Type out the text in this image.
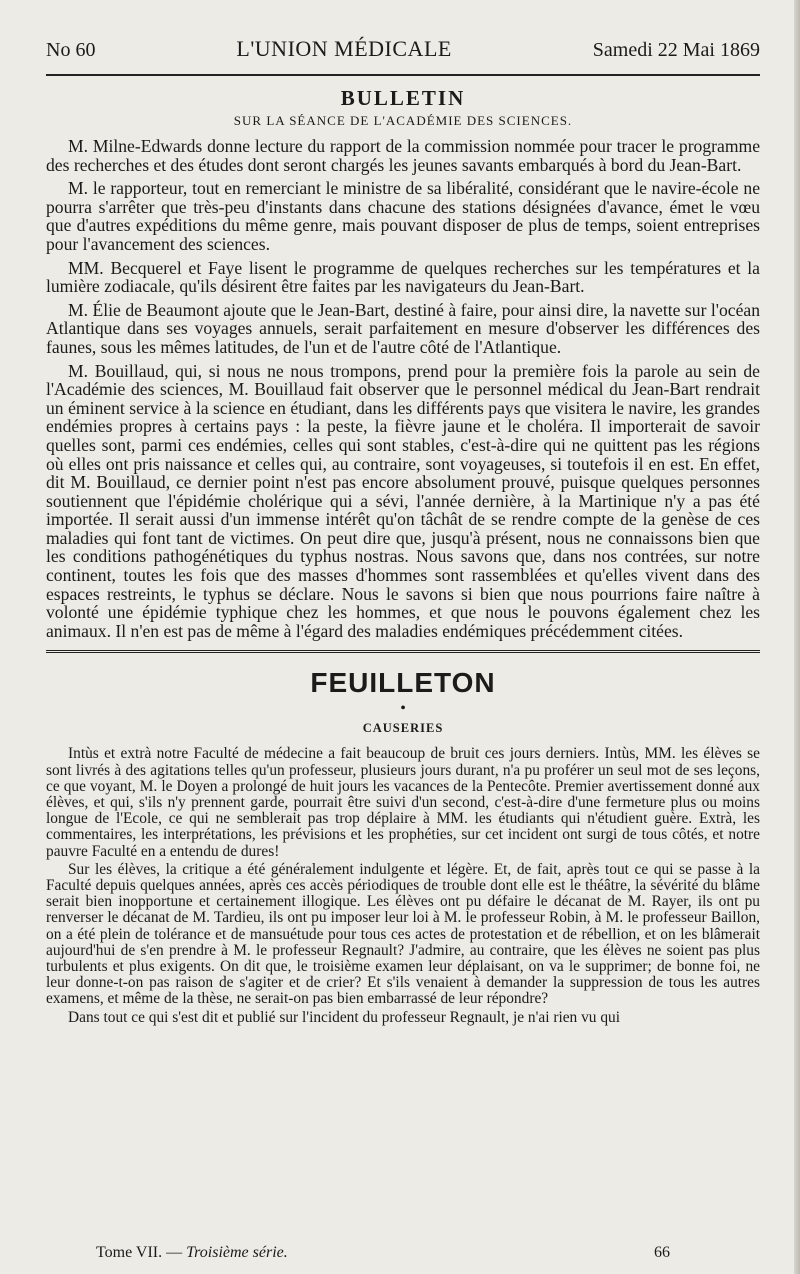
No 60	L'UNION MÉDICALE	Samedi 22 Mai 1869
BULLETIN
SUR LA SÉANCE DE L'ACADÉMIE DES SCIENCES.

M. Milne-Edwards donne lecture du rapport de la commission nommée pour tracer le programme des recherches et des études dont seront chargés les jeunes savants embarqués à bord du Jean-Bart.

M. le rapporteur, tout en remerciant le ministre de sa libéralité, considérant que le navire-école ne pourra s'arrêter que très-peu d'instants dans chacune des stations désignées d'avance, émet le vœu que d'autres expéditions du même genre, mais pouvant disposer de plus de temps, soient entreprises pour l'avancement des sciences.

MM. Becquerel et Faye lisent le programme de quelques recherches sur les températures et la lumière zodiacale, qu'ils désirent être faites par les navigateurs du Jean-Bart.

M. Élie de Beaumont ajoute que le Jean-Bart, destiné à faire, pour ainsi dire, la navette sur l'océan Atlantique dans ses voyages annuels, serait parfaitement en mesure d'observer les différences des faunes, sous les mêmes latitudes, de l'un et de l'autre côté de l'Atlantique.

M. Bouillaud, qui, si nous ne nous trompons, prend pour la première fois la parole au sein de l'Académie des sciences, M. Bouillaud fait observer que le personnel médical du Jean-Bart rendrait un éminent service à la science en étudiant, dans les différents pays que visitera le navire, les grandes endémies propres à certains pays : la peste, la fièvre jaune et le choléra. Il importerait de savoir quelles sont, parmi ces endémies, celles qui sont stables, c'est-à-dire qui ne quittent pas les régions où elles ont pris naissance et celles qui, au contraire, sont voyageuses, si toutefois il en est. En effet, dit M. Bouillaud, ce dernier point n'est pas encore absolument prouvé, puisque quelques personnes soutiennent que l'épidémie cholérique qui a sévi, l'année dernière, à la Martinique n'y a pas été importée. Il serait aussi d'un immense intérêt qu'on tâchât de se rendre compte de la genèse de ces maladies qui font tant de victimes. On peut dire que, jusqu'à présent, nous ne connaissons bien que les conditions pathogénétiques du typhus nostras. Nous savons que, dans nos contrées, sur notre continent, toutes les fois que des masses d'hommes sont rassemblées et qu'elles vivent dans des espaces restreints, le typhus se déclare. Nous le savons si bien que nous pourrions faire naître à volonté une épidémie typhique chez les hommes, et que nous le pouvons également chez les animaux. Il n'en est pas de même à l'égard des maladies endémiques précédemment citées.

FEUILLETON

•

CAUSERIES

Intùs et extrà notre Faculté de médecine a fait beaucoup de bruit ces jours derniers. Intùs, MM. les élèves se sont livrés à des agitations telles qu'un professeur, plusieurs jours durant, n'a pu proférer un seul mot de ses leçons, ce que voyant, M. le Doyen a prolongé de huit jours les vacances de la Pentecôte. Premier avertissement donné aux élèves, et qui, s'ils n'y prennent garde, pourrait être suivi d'un second, c'est-à-dire d'une fermeture plus ou moins longue de l'Ecole, ce qui ne semblerait pas trop déplaire à MM. les étudiants qui n'étudient guère. Extrà, les commentaires, les interprétations, les prévisions et les prophéties, sur cet incident ont surgi de tous côtés, et notre pauvre Faculté en a entendu de dures!

Sur les élèves, la critique a été généralement indulgente et légère. Et, de fait, après tout ce qui se passe à la Faculté depuis quelques années, après ces accès périodiques de trouble dont elle est le théâtre, la sévérité du blâme serait bien inopportune et certainement illogique. Les élèves ont pu défaire le décanat de M. Rayer, ils ont pu renverser le décanat de M. Tardieu, ils ont pu imposer leur loi à M. le professeur Robin, à M. le professeur Baillon, on a été plein de tolérance et de mansuétude pour tous ces actes de protestation et de rébellion, et on les blâmerait aujourd'hui de s'en prendre à M. le professeur Regnault? J'admire, au contraire, que les élèves ne soient pas plus turbulents et plus exigents. On dit que, le troisième examen leur déplaisant, on va le supprimer; de bonne foi, ne leur donne-t-on pas raison de s'agiter et de crier? Et s'ils venaient à demander la suppression de tous les autres examens, et même de la thèse, ne serait-on pas bien embarrassé de leur répondre?

Dans tout ce qui s'est dit et publié sur l'incident du professeur Regnault, je n'ai rien vu qui

Tome VII. — Troisième série.	66
